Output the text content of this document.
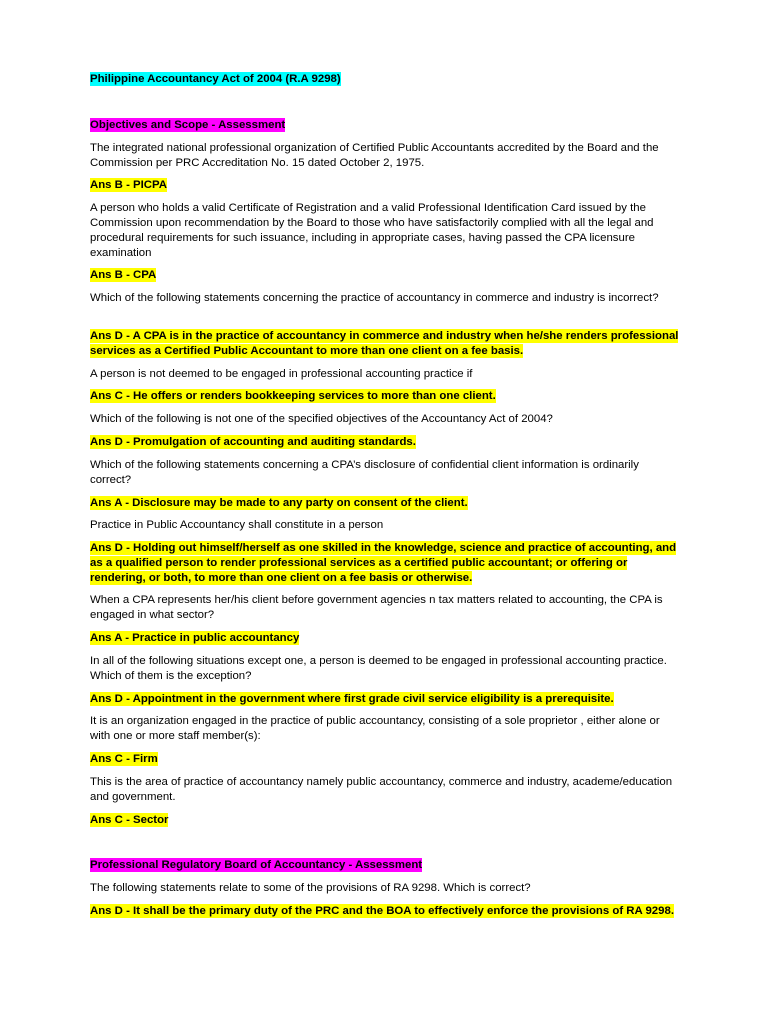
Philippine Accountancy Act of 2004 (R.A 9298)

Objectives and Scope - Assessment

The integrated national professional organization of Certified Public Accountants accredited by the Board and the Commission per PRC Accreditation No. 15 dated October 2, 1975.

Ans B - PICPA

A person who holds a valid Certificate of Registration and a valid Professional Identification Card issued by the Commission upon recommendation by the Board to those who have satisfactorily complied with all the legal and procedural requirements for such issuance, including in appropriate cases, having passed the CPA licensure examination

Ans B - CPA

Which of the following statements concerning the practice of accountancy in commerce and industry is incorrect?

Ans D - A CPA is in the practice of accountancy in commerce and industry when he/she renders professional services as a Certified Public Accountant to more than one client on a fee basis.

A person is not deemed to be engaged in professional accounting practice if

Ans C - He offers or renders bookkeeping services to more than one client.

Which of the following is not one of the specified objectives of the Accountancy Act of 2004?

Ans D - Promulgation of accounting and auditing standards.

Which of the following statements concerning a CPA’s disclosure of confidential client information is ordinarily correct?

Ans A - Disclosure may be made to any party on consent of the client.

Practice in Public Accountancy shall constitute in a person

Ans D - Holding out himself/herself as one skilled in the knowledge, science and practice of accounting, and as a qualified person to render professional services as a certified public accountant; or offering or rendering, or both, to more than one client on a fee basis or otherwise.

When a CPA represents her/his client before government agencies n tax matters related to accounting, the CPA is engaged in what sector?

Ans A - Practice in public accountancy

In all of the following situations except one, a person is deemed to be engaged in professional accounting practice. Which of them is the exception?

Ans D - Appointment in the government where first grade civil service eligibility is a prerequisite.

It is an organization engaged in the practice of public accountancy, consisting of a sole proprietor , either alone or with one or more staff member(s):

Ans C - Firm

This is the area of practice of accountancy namely public accountancy, commerce and industry, academe/education and government.

Ans C - Sector

Professional Regulatory Board of Accountancy - Assessment

The following statements relate to some of the provisions of RA 9298. Which is correct?

Ans D - It shall be the primary duty of the PRC and the BOA to effectively enforce the provisions of RA 9298.
